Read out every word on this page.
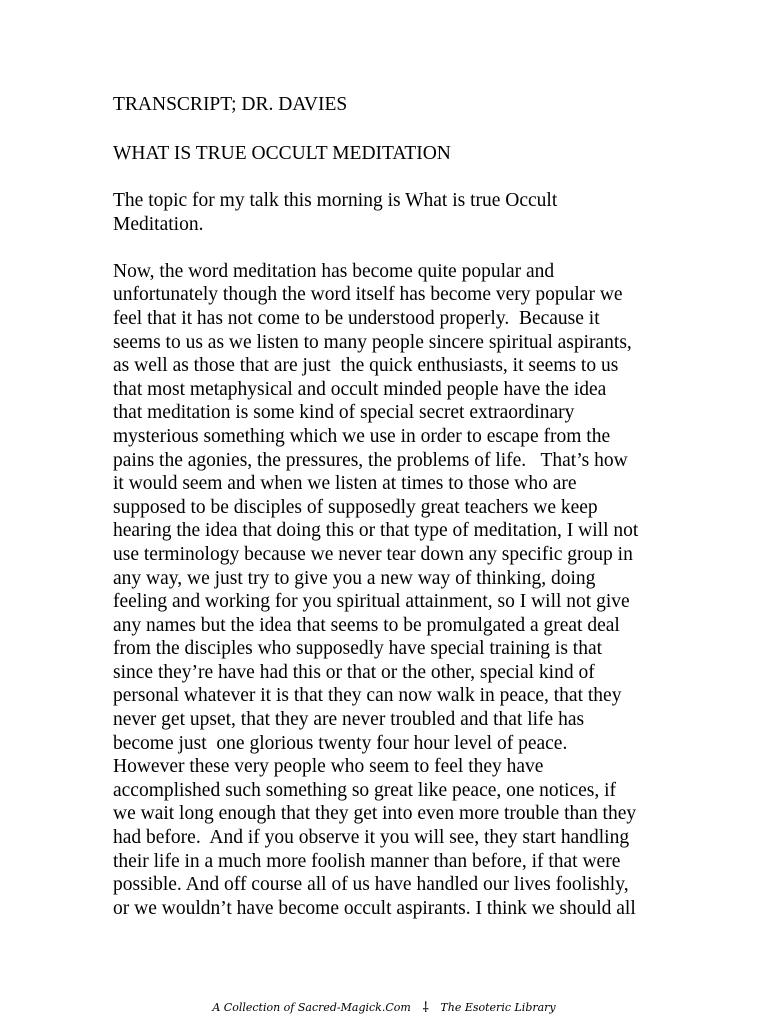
TRANSCRIPT; DR. DAVIES
WHAT IS TRUE OCCULT MEDITATION
The topic for my talk this morning is What is true Occult
Meditation.
Now, the word meditation has become quite popular and
unfortunately though the word itself has become very popular we
feel that it has not come to be understood properly.  Because it
seems to us as we listen to many people sincere spiritual aspirants,
as well as those that are just  the quick enthusiasts, it seems to us
that most metaphysical and occult minded people have the idea
that meditation is some kind of special secret extraordinary
mysterious something which we use in order to escape from the
pains the agonies, the pressures, the problems of life.   That’s how
it would seem and when we listen at times to those who are
supposed to be disciples of supposedly great teachers we keep
hearing the idea that doing this or that type of meditation, I will not
use terminology because we never tear down any specific group in
any way, we just try to give you a new way of thinking, doing
feeling and working for you spiritual attainment, so I will not give
any names but the idea that seems to be promulgated a great deal
from the disciples who supposedly have special training is that
since they’re have had this or that or the other, special kind of
personal whatever it is that they can now walk in peace, that they
never get upset, that they are never troubled and that life has
become just  one glorious twenty four hour level of peace.
However these very people who seem to feel they have
accomplished such something so great like peace, one notices, if
we wait long enough that they get into even more trouble than they
had before.  And if you observe it you will see, they start handling
their life in a much more foolish manner than before, if that were
possible. And off course all of us have handled our lives foolishly,
or we wouldn’t have become occult aspirants. I think we should all
A Collection of Sacred-Magick.Com ⸸ The Esoteric Library
